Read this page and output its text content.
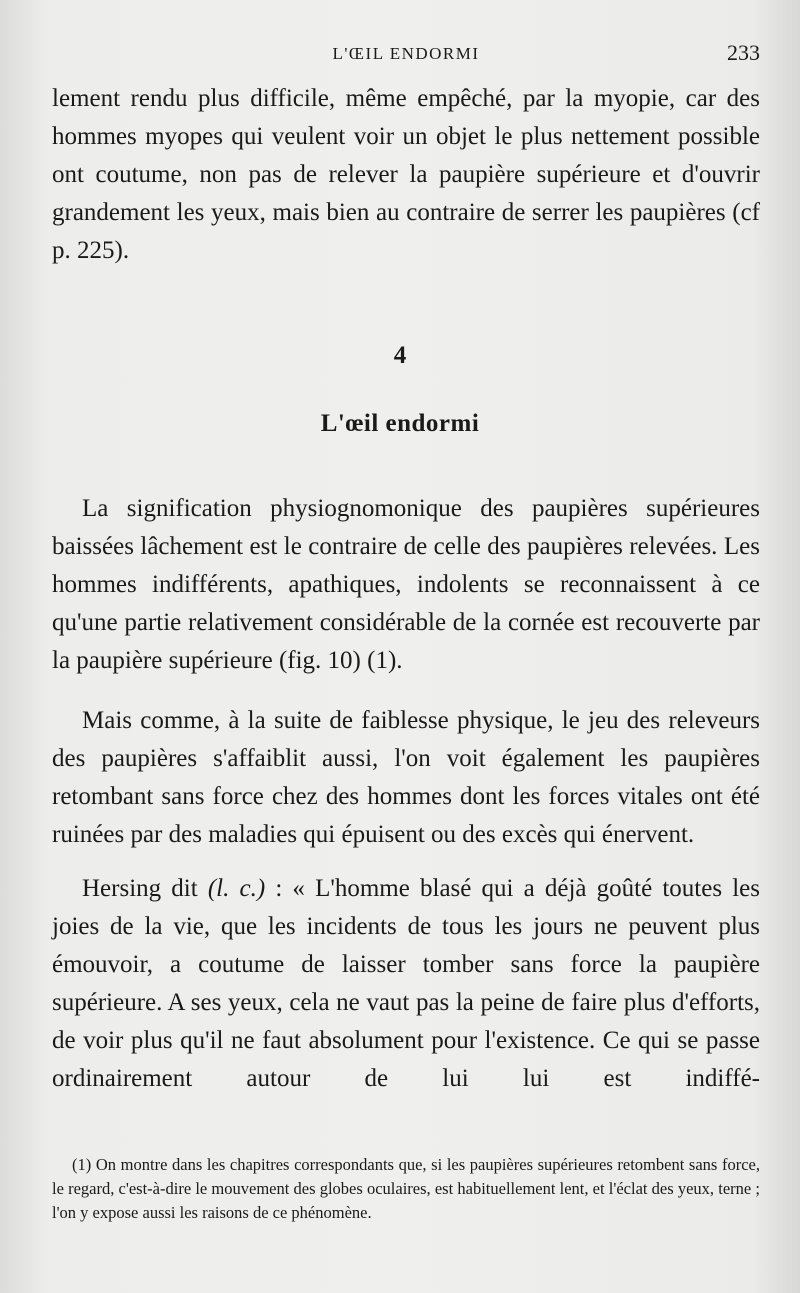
L'ŒIL ENDORMI	233

lement rendu plus difficile, même empêché, par la myopie, car des hommes myopes qui veulent voir un objet le plus nettement possible ont coutume, non pas de relever la paupière supérieure et d'ouvrir grandement les yeux, mais bien au contraire de serrer les paupières (cf p. 225).

4
L'œil endormi

La signification physiognomonique des paupières supérieures baissées lâchement est le contraire de celle des paupières relevées. Les hommes indifférents, apathiques, indolents se reconnaissent à ce qu'une partie relativement considérable de la cornée est recouverte par la paupière supérieure (fig. 10) (1).

Mais comme, à la suite de faiblesse physique, le jeu des releveurs des paupières s'affaiblit aussi, l'on voit également les paupières retombant sans force chez des hommes dont les forces vitales ont été ruinées par des maladies qui épuisent ou des excès qui énervent.

Hersing dit (l. c.) : « L'homme blasé qui a déjà goûté toutes les joies de la vie, que les incidents de tous les jours ne peuvent plus émouvoir, a coutume de laisser tomber sans force la paupière supérieure. A ses yeux, cela ne vaut pas la peine de faire plus d'efforts, de voir plus qu'il ne faut absolument pour l'existence. Ce qui se passe ordinairement autour de lui lui est indiffé-

(1) On montre dans les chapitres correspondants que, si les paupières supérieures retombent sans force, le regard, c'est-à-dire le mouvement des globes oculaires, est habituellement lent, et l'éclat des yeux, terne ; l'on y expose aussi les raisons de ce phénomène.
